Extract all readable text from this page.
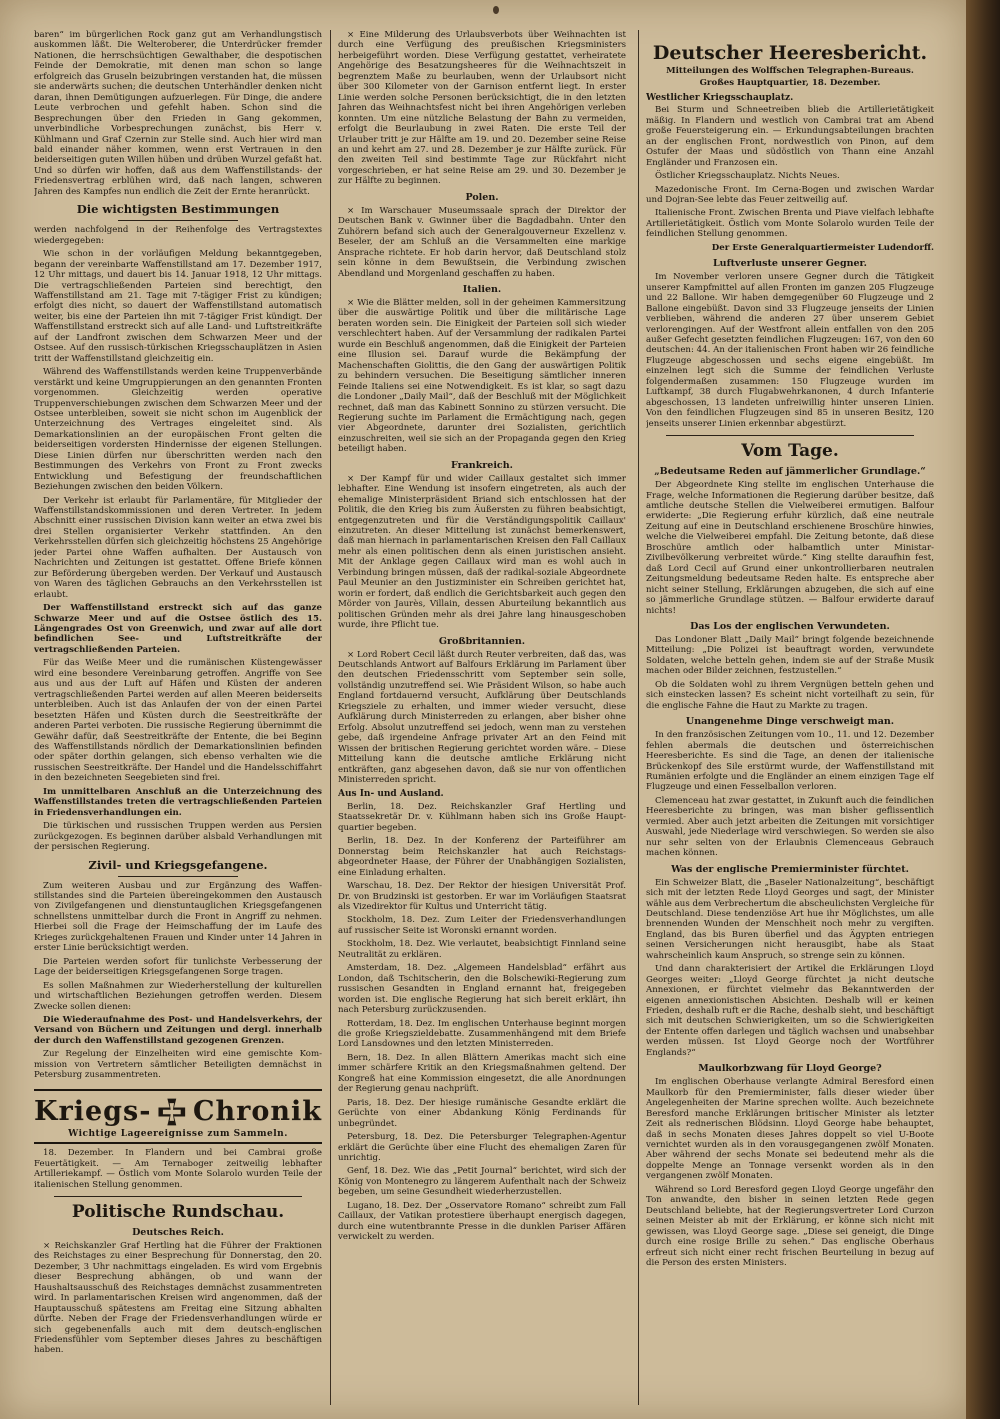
baren“ im bürgerlichen Rock ganz gut am Verhandlungstisch auskommen läßt. Die Welteroberer, die Unterdrücker fremder Nationen, die herrschsüchtigen Gewalthaber, die despotischen Feinde der Demokratie, mit denen man schon so lange erfolgreich das Gruseln beizubringen verstanden hat, die müssen sie anderwärts suchen; die deutschen Unterhändler denken nicht daran, ihnen Demütigungen aufzuerlegen. Für Dinge, die andere Leute verbrochen und gefehlt haben. Schon sind die Besprechungen über den Frieden in Gang gekommen, unverbindliche Vorbesprechungen zunächst, bis Herr v. Kühlmann und Graf Czernin zur Stelle sind. Auch hier wird man bald einander näher kommen, wenn erst Vertrauen in den beiderseitigen guten Willen hüben und drüben Wurzel gefaßt hat. Und so dürfen wir hoffen, daß aus dem Waffenstillstands- der Friedensvertrag erblühen wird, daß nach langen, schweren Jahren des Kampfes nun endlich die Zeit der Ernte heranrückt.

Die wichtigsten Bestimmungen

werden nachfolgend in der Reihenfolge des Vertragstextes wiedergegeben:

Wie schon in der vorläufigen Meldung bekanntgegeben, begann der vereinbarte Waffenstillstand am 17. Dezember 1917, 12 Uhr mittags, und dauert bis 14. Januar 1918, 12 Uhr mittags. Die vertragschließenden Parteien sind berechtigt, den Waffenstillstand am 21. Tage mit 7-tägiger Frist zu kündigen; erfolgt dies nicht, so dauert der Waffenstillstand automatisch weiter, bis eine der Parteien ihn mit 7-tägiger Frist kündigt. Der Waffenstillstand erstreckt sich auf alle Land- und Luftstreitkräfte auf der Landfront zwischen dem Schwarzen Meer und der Ostsee. Auf den russisch-türkischen Kriegsschauplätzen in Asien tritt der Waffenstillstand gleichzeitig ein.

Während des Waffenstillstands werden keine Truppenverbände verstärkt und keine Umgruppierungen an den genannten Fronten vorgenommen. Gleichzeitig werden operative Truppenverschiebungen zwischen dem Schwarzen Meer und der Ostsee unterbleiben, soweit sie nicht schon im Augenblick der Unterzeichnung des Vertrages eingeleitet sind. Als Demarkationslinien an der europäischen Front gelten die beiderseitigen vordersten Hindernisse der eigenen Stellungen. Diese Linien dürfen nur überschritten werden nach den Bestimmungen des Verkehrs von Front zu Front zwecks Entwicklung und Befestigung der freundschaftlichen Beziehungen zwischen den beiden Völkern.

Der Verkehr ist erlaubt für Parlamentäre, für Mitglieder der Waffenstillstandskommissionen und deren Vertreter. In jedem Abschnitt einer russischen Division kann weiter an etwa zwei bis drei Stellen organisierter Verkehr stattfinden. An den Verkehrsstellen dürfen sich gleichzeitig höchstens 25 Angehörige jeder Partei ohne Waffen aufhalten. Der Austausch von Nachrichten und Zeitungen ist gestattet. Offene Briefe können zur Beförderung übergeben werden. Der Verkauf und Austausch von Waren des täglichen Gebrauchs an den Verkehrsstellen ist erlaubt.

Der Waffenstillstand erstreckt sich auf das ganze Schwarze Meer und auf die Ostsee östlich des 15. Längengrades Ost von Greenwich, und zwar auf alle dort befindlichen See- und Luftstreitkräfte der vertragschließenden Parteien.

Für das Weiße Meer und die rumänischen Küstengewässer wird eine besondere Vereinbarung getroffen. Angriffe von See aus und aus der Luft auf Häfen und Küsten der anderen vertragschließenden Partei werden auf allen Meeren beiderseits unterbleiben. Auch ist das Anlaufen der von der einen Partei besetzten Häfen und Küsten durch die Seestreitkräfte der anderen Partei verboten. Die russische Regierung übernimmt die Gewähr dafür, daß Seestreitkräfte der Entente, die bei Beginn des Waffenstillstands nördlich der Demarkationslinien befinden oder später dorthin gelangen, sich ebenso verhalten wie die russischen Seestreitkräfte. Der Handel und die Handelsschiffahrt in den bezeichneten Seegebieten sind frei.

Im unmittelbaren Anschluß an die Unterzeichnung des Waffenstillstandes treten die vertragschließenden Parteien in Friedensverhandlungen ein.

Die türkischen und russischen Truppen werden aus Persien zurückgezogen. Es beginnen darüber alsbald Verhandlungen mit der persischen Regierung.

Zivil- und Kriegsgefangene.

Zum weiteren Ausbau und zur Ergänzung des Waffenstillstandes sind die Parteien übereingekommen den Austausch von Zivilgefangenen und dienstuntauglichen Kriegsgefangenen schnellstens unmittelbar durch die Front in Angriff zu nehmen. Hierbei soll die Frage der Heimschaffung der im Laufe des Krieges zurückgehaltenen Frauen und Kinder unter 14 Jahren in erster Linie berücksichtigt werden.

Die Parteien werden sofort für tunlichste Verbesserung der Lage der beiderseitigen Kriegsgefangenen Sorge tragen.

Es sollen Maßnahmen zur Wiederherstellung der kulturellen und wirtschaftlichen Beziehungen getroffen werden. Diesem Zwecke sollen dienen:

Die Wiederaufnahme des Post- und Handelsverkehrs, der Versand von Büchern und Zeitungen und dergl. innerhalb der durch den Waffenstillstand gezogenen Grenzen.

Zur Regelung der Einzelheiten wird eine gemischte Kommission von Vertretern sämtlicher Beteiligten demnächst in Petersburg zusammentreten.

Kriegs- Chronik
Wichtige Lageereignisse zum Sammeln.

18. Dezember. In Flandern und bei Cambrai große Feuertätigkeit. — Am Ternaboger zeitweilig lebhafter Artilleriekampf. — Östlich vom Monte Solarolo wurden Teile der italienischen Stellung genommen.

Politische Rundschau.
Deutsches Reich.

× Reichskanzler Graf Hertling hat die Führer der Fraktionen des Reichstages zu einer Besprechung für Donnerstag, den 20. Dezember, 3 Uhr nachmittags eingeladen. Es wird vom Ergebnis dieser Besprechung abhängen, ob und wann der Haushaltsausschuß des Reichstages demnächst zusammentreten wird. In parlamentarischen Kreisen wird angenommen, daß der Hauptausschuß spätestens am Freitag eine Sitzung abhalten dürfte. Neben der Frage der Friedensverhandlungen würde er sich gegebenenfalls auch mit dem deutsch-englischen Friedensfühler vom September dieses Jahres zu beschäftigen haben.

× Eine Milderung des Urlaubsverbots über Weihnachten ist durch eine Verfügung des preußischen Kriegsministers herbeigeführt worden. Diese Verfügung gestattet, verheiratete Angehörige des Besatzungsheeres für die Weihnachtszeit in begrenztem Maße zu beurlauben, wenn der Urlaubsort nicht über 300 Kilometer von der Garnison entfernt liegt. In erster Linie werden solche Personen berücksichtigt, die in den letzten Jahren das Weihnachtsfest nicht bei ihren Angehörigen verleben konnten. Um eine nützliche Belastung der Bahn zu vermeiden, erfolgt die Beurlaubung in zwei Raten. Die erste Teil der Urlauber tritt je zur Hälfte am 19. und 20. Dezember seine Reise an und kehrt am 27. und 28. Dezember je zur Hälfte zurück. Für den zweiten Teil sind bestimmte Tage zur Rückfahrt nicht vorgeschrieben, er hat seine Reise am 29. und 30. Dezember je zur Hälfte zu beginnen.

Polen.

× Im Warschauer Museumssaale sprach der Direktor der Deutschen Bank v. Gwinner über die Bagdadbahn. Unter den Zuhörern befand sich auch der Generalgouverneur Exzellenz v. Beseler, der am Schluß an die Versammelten eine markige Ansprache richtete. Er hob darin hervor, daß Deutschland stolz sein könne in dem Bewußtsein, die Verbindung zwischen Abendland und Morgenland geschaffen zu haben.

Italien.

× Wie die Blätter melden, soll in der geheimen Kammersitzung über die auswärtige Politik und über die militärische Lage beraten worden sein. Die Einigkeit der Parteien soll sich wieder verschlechtert haben. Auf der Versammlung der radikalen Partei wurde ein Beschluß angenommen, daß die Einigkeit der Parteien eine Illusion sei. Darauf wurde die Bekämpfung der Machenschaften Giolittis, die den Gang der auswärtigen Politik zu behindern versuchen. Die Beseitigung sämtlicher inneren Feinde Italiens sei eine Notwendigkeit. Es ist klar, so sagt dazu die Londoner „Daily Mail“, daß der Beschluß mit der Möglichkeit rechnet, daß man das Kabinett Sonnino zu stürzen versucht. Die Regierung suchte im Parlament die Ermächtigung nach, gegen vier Abgeordnete, darunter drei Sozialisten, gerichtlich einzuschreiten, weil sie sich an der Propaganda gegen den Krieg beteiligt haben.

Frankreich.

× Der Kampf für und wider Caillaux gestaltet sich immer lebhafter. Eine Wendung ist insofern eingetreten, als auch der ehemalige Ministerpräsident Briand sich entschlossen hat der Politik, die den Krieg bis zum Äußersten zu führen beabsichtigt, entgegenzutreten und für die Verständigungspolitik Caillaux' einzutreten. An dieser Mitteilung ist zunächst bemerkenswert, daß man hiernach in parlamentarischen Kreisen den Fall Caillaux mehr als einen politischen denn als einen juristischen ansieht. Mit der Anklage gegen Caillaux wird man es wohl auch in Verbindung bringen müssen, daß der radikal-soziale Abgeordnete Paul Meunier an den Justizminister ein Schreiben gerichtet hat, worin er fordert, daß endlich die Gerichtsbarkeit auch gegen den Mörder von Jaurès, Villain, dessen Aburteilung bekanntlich aus politischen Gründen mehr als drei Jahre lang hinausgeschoben wurde, ihre Pflicht tue.

Großbritannien.

× Lord Robert Cecil läßt durch Reuter verbreiten, daß das, was Deutschlands Antwort auf Balfours Erklärung im Parlament über den deutschen Friedensschritt vom September sein solle, vollständig unzutreffend sei. Wie Präsident Wilson, so habe auch England fortdauernd versucht, Aufklärung über Deutschlands Kriegsziele zu erhalten, und immer wieder versucht, diese Aufklärung durch Ministerreden zu erlangen, aber bisher ohne Erfolg. Absolut unzutreffend sei jedoch, wenn man zu verstehen gebe, daß irgendeine Anfrage privater Art an den Feind mit Wissen der britischen Regierung gerichtet worden wäre. – Diese Mitteilung kann die deutsche amtliche Erklärung nicht entkräften, ganz abgesehen davon, daß sie nur von offentlichen Ministerreden spricht.

Aus In- und Ausland.

Berlin, 18. Dez. Reichskanzler Graf Hertling und Staatssekretär Dr. v. Kühlmann haben sich ins Große Hauptquartier begeben.

Berlin, 18. Dez. In der Konferenz der Parteiführer am Donnerstag beim Reichskanzler hat auch Reichstagsabgeordneter Haase, der Führer der Unabhängigen Sozialisten, eine Einladung erhalten.

Warschau, 18. Dez. Der Rektor der hiesigen Universität Prof. Dr. von Brudzinski ist gestorben. Er war im Vorläufigen Staatsrat als Vizedirektor für Kultus und Unterricht tätig.

Stockholm, 18. Dez. Zum Leiter der Friedensverhandlungen auf russischer Seite ist Woronski ernannt worden.

Stockholm, 18. Dez. Wie verlautet, beabsichtigt Finnland seine Neutralität zu erklären.

Amsterdam, 18. Dez. „Algemeen Handelsblad“ erfährt aus London, daß Tschitscherin, den die Bolschewiki-Regierung zum russischen Gesandten in England ernannt hat, freigegeben worden ist. Die englische Regierung hat sich bereit erklärt, ihn nach Petersburg zurückzusenden.

Rotterdam, 18. Dez. Im englischen Unterhause beginnt morgen die große Kriegszieldebatte. Zusammenhängend mit dem Briefe Lord Lansdownes und den letzten Ministerreden.

Bern, 18. Dez. In allen Blättern Amerikas macht sich eine immer schärfere Kritik an den Kriegsmaßnahmen geltend. Der Kongreß hat eine Kommission eingesetzt, die alle Anordnungen der Regierung genau nachprüft.

Paris, 18. Dez. Der hiesige rumänische Gesandte erklärt die Gerüchte von einer Abdankung König Ferdinands für unbegründet.

Petersburg, 18. Dez. Die Petersburger Telegraphen-Agentur erklärt die Gerüchte über eine Flucht des ehemaligen Zaren für unrichtig.

Genf, 18. Dez. Wie das „Petit Journal“ berichtet, wird sich der König von Montenegro zu längerem Aufenthalt nach der Schweiz begeben, um seine Gesundheit wiederherzustellen.

Lugano, 18. Dez. Der „Osservatore Romano“ schreibt zum Fall Caillaux, der Vatikan protestiere überhaupt energisch dagegen, durch eine wutentbrannte Presse in die dunklen Pariser Affären verwickelt zu werden.

Deutscher Heeresbericht.
Mitteilungen des Wolffschen Telegraphen-Bureaus.
Großes Hauptquartier, 18. Dezember.
Westlicher Kriegsschauplatz.

Bei Sturm und Schneetreiben blieb die Artillerietätigkeit mäßig. In Flandern und westlich von Cambrai trat am Abend große Feuersteigerung ein. — Erkundungsabteilungen brachten an der englischen Front, nordwestlich von Pinon, auf dem Ostufer der Maas und südöstlich von Thann eine Anzahl Engländer und Franzosen ein.

Östlicher Kriegsschauplatz. Nichts Neues.

Mazedonische Front. Im Cerna-Bogen und zwischen Wardar und Dojran-See lebte das Feuer zeitweilig auf.

Italienische Front. Zwischen Brenta und Piave vielfach lebhafte Artillerietätigkeit. Östlich vom Monte Solarolo wurden Teile der feindlichen Stellung genommen.

Der Erste Generalquartiermeister Ludendorff.

Luftverluste unserer Gegner.

Im November verloren unsere Gegner durch die Tätigkeit unserer Kampfmittel auf allen Fronten im ganzen 205 Flugzeuge und 22 Ballone. Wir haben demgegenüber 60 Flugzeuge und 2 Ballone eingebüßt. Davon sind 33 Flugzeuge jenseits der Linien verblieben, während die anderen 27 über unserem Gebiet verlorengingen. Auf der Westfront allein entfallen von den 205 außer Gefecht gesetzten feindlichen Flugzeugen: 167, von den 60 deutschen: 44. An der italienischen Front haben wir 26 feindliche Flugzeuge abgeschossen und sechs eigene eingebüßt. Im einzelnen legt sich die Summe der feindlichen Verluste folgendermaßen zusammen: 150 Flugzeuge wurden im Luftkampf, 38 durch Flugabwehrkanonen, 4 durch Infanterie abgeschossen, 13 landeten unfreiwillig hinter unseren Linien. Von den feindlichen Flugzeugen sind 85 in unseren Besitz, 120 jenseits unserer Linien erkennbar abgestürzt.

Vom Tage.
„Bedeutsame Reden auf jämmerlicher Grundlage.“

Der Abgeordnete King stellte im englischen Unterhause die Frage, welche Informationen die Regierung darüber besitze, daß amtliche deutsche Stellen die Vielweiberei ermutigen. Balfour erwiderte: „Die Regierung erfuhr kürzlich, daß eine neutrale Zeitung auf eine in Deutschland erschienene Broschüre hinwies, welche die Vielweiberei empfahl. Die Zeitung betonte, daß diese Broschüre amtlich oder halbamtlich unter Ministar Zivilbevölkerung verbreitet würde.“ King stellte daraufhin fest, daß Lord Cecil auf Grund einer unkontrollierbaren neutralen Zeitungsmeldung bedeutsame Reden halte. Es entspreche aber nicht seiner Stellung, Erklärungen abzugeben, die sich auf eine so jämmerliche Grundlage stützen. — Balfour erwiderte darauf nichts!

Das Los der englischen Verwundeten.

Das Londoner Blatt „Daily Mail“ bringt folgende bezeichnende Mitteilung: „Die Polizei ist beauftragt worden, verwundete Soldaten, welche betteln gehen, indem sie auf der Straße Musik machen oder Bilder zeichnen, festzustellen.“

Ob die Soldaten wohl zu ihrem Vergnügen betteln gehen und sich einstecken lassen? Es scheint nicht vorteilhaft zu sein, für die englische Fahne die Haut zu Markte zu tragen.

Unangenehme Dinge verschweigt man.

In den französischen Zeitungen vom 10., 11. und 12. Dezember fehlen abermals die deutschen und österreichischen Heeresberichte. Es sind die Tage, an denen der italienische Brückenkopf des Sile erstürmt wurde, der Waffenstillstand mit Rumänien erfolgte und die Engländer an einem einzigen Tage elf Flugzeuge und einen Fesselballon verloren.

Clemenceau hat zwar gestattet, in Zukunft auch die feindlichen Heeresberichte zu bringen, was man bisher geflissentlich vermied. Aber auch jetzt arbeiten die Zeitungen mit vorsichtiger Auswahl, jede Niederlage wird verschwiegen. So werden sie also nur sehr selten von der Erlaubnis Clemenceaus Gebrauch machen können.

Was der englische Premierminister fürchtet.

Ein Schweizer Blatt, die „Baseler Nationalzeitung“, beschäftigt sich mit der letzten Rede Lloyd Georges und sagt, der Minister wähle aus dem Verbrechertum die abscheulichsten Vergleiche für Deutschland. Diese tendenziöse Art hue ihr Möglichstes, um alle brennenden Wunden der Menschheit noch mehr zu vergiften. England, das bis Buren überfiel und das Ägypten entriegen seinen Versicherungen nicht herausgibt, habe als Staat wahrscheinlich kaum Anspruch, so strenge sein zu können.

Und dann charakterisiert der Artikel die Erklärungen Lloyd Georges weiter: „Lloyd George fürchtet ja nicht deutsche Annexionen, er fürchtet vielmehr das Bekanntwerden der eigenen annexionistischen Absichten. Deshalb will er keinen Frieden, deshalb ruft er die Rache, deshalb sieht, und beschäftigt sich mit deutschen Schwierigkeiten, um so die Schwierigkeiten der Entente offen darlegen und täglich wachsen und unabsehbar werden müssen. Ist Lloyd George noch der Wortführer Englands?“

Maulkorbzwang für Lloyd George?

Im englischen Oberhause verlangte Admiral Beresford einen Maulkorb für den Premierminister, falls dieser wieder über Angelegenheiten der Marine sprechen wollte. Auch bezeichnete Beresford manche Erklärungen britischer Minister als letzter Zeit als rednerischen Blödsinn. Lloyd George habe behauptet, daß in sechs Monaten dieses Jahres doppelt so viel U-Boote vernichtet wurden als in den vorausgegangenen zwölf Monaten. Aber während der sechs Monate sei bedeutend mehr als die doppelte Menge an Tonnage versenkt worden als in den vergangenen zwölf Monaten.

Während so Lord Beresford gegen Lloyd George ungefähr den Ton anwandte, den bisher in seinen letzten Rede gegen Deutschland beliebte, hat der Regierungsvertreter Lord Curzon seinen Meister ab mit der Erklärung, er könne sich nicht mit gewissen, was Lloyd George sage. „Diese sei geneigt, die Dinge durch eine rosige Brille zu sehen.“ Das englische Oberhaus erfreut sich nicht einer recht frischen Beurteilung in bezug auf die Person des ersten Ministers.
